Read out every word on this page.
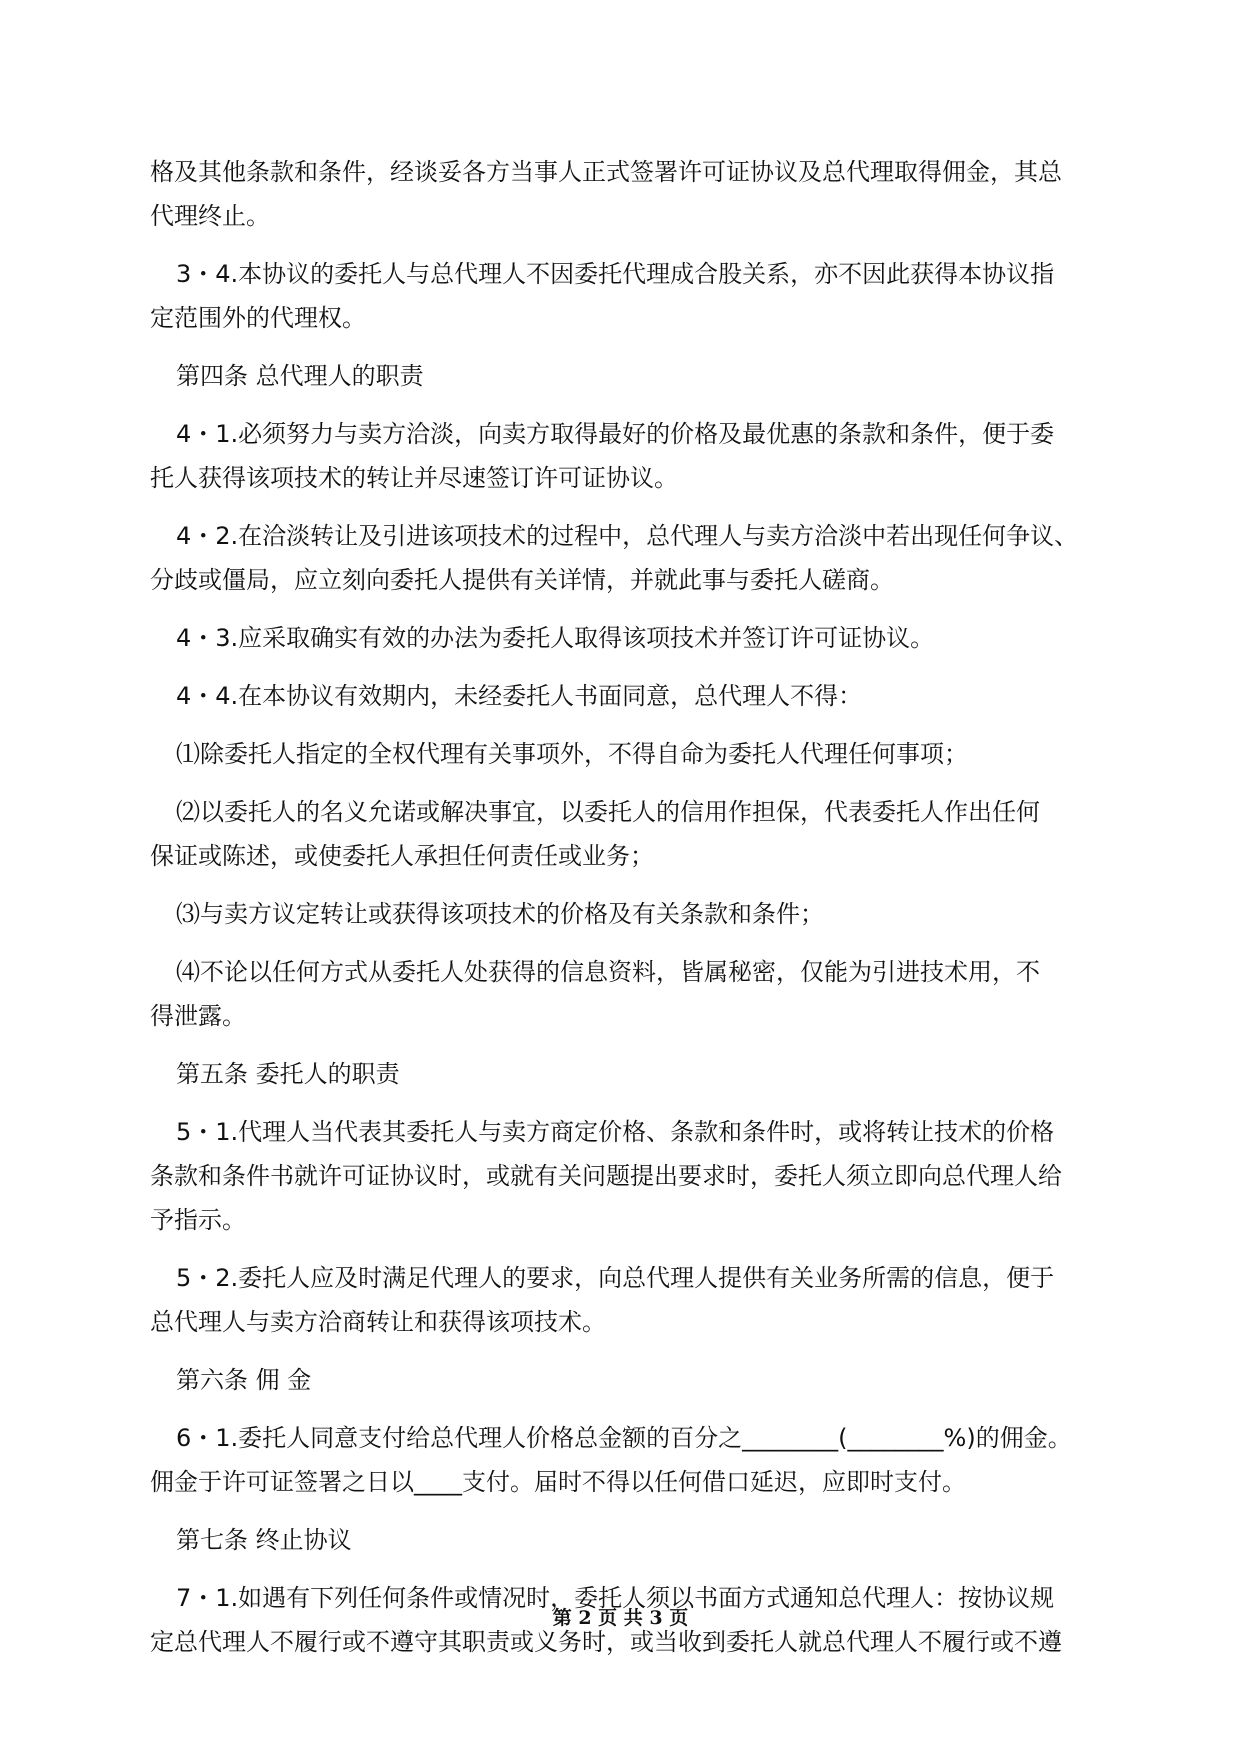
格及其他条款和条件，经谈妥各方当事人正式签署许可证协议及总代理取得佣金，其总
代理终止。
3・4.本协议的委托人与总代理人不因委托代理成合股关系，亦不因此获得本协议指
定范围外的代理权。
第四条 总代理人的职责
4・1.必须努力与卖方洽淡，向卖方取得最好的价格及最优惠的条款和条件，便于委
托人获得该项技术的转让并尽速签订许可证协议。
4・2.在洽淡转让及引进该项技术的过程中，总代理人与卖方洽淡中若出现任何争议、
分歧或僵局，应立刻向委托人提供有关详情，并就此事与委托人磋商。
4・3.应采取确实有效的办法为委托人取得该项技术并签订许可证协议。
4・4.在本协议有效期内，未经委托人书面同意，总代理人不得：
⑴除委托人指定的全权代理有关事项外，不得自命为委托人代理任何事项；
⑵以委托人的名义允诺或解决事宜，以委托人的信用作担保，代表委托人作出任何
保证或陈述，或使委托人承担任何责任或业务；
⑶与卖方议定转让或获得该项技术的价格及有关条款和条件；
⑷不论以任何方式从委托人处获得的信息资料，皆属秘密，仅能为引进技术用，不
得泄露。
第五条 委托人的职责
5・1.代理人当代表其委托人与卖方商定价格、条款和条件时，或将转让技术的价格
条款和条件书就许可证协议时，或就有关问题提出要求时，委托人须立即向总代理人给
予指示。
5・2.委托人应及时满足代理人的要求，向总代理人提供有关业务所需的信息，便于
总代理人与卖方洽商转让和获得该项技术。
第六条 佣 金
6・1.委托人同意支付给总代理人价格总金额的百分之________(________%)的佣金。
佣金于许可证签署之日以____支付。届时不得以任何借口延迟，应即时支付。
第七条 终止协议
7・1.如遇有下列任何条件或情况时，委托人须以书面方式通知总代理人：按协议规
定总代理人不履行或不遵守其职责或义务时，或当收到委托人就总代理人不履行或不遵
第 2 页 共 3 页
